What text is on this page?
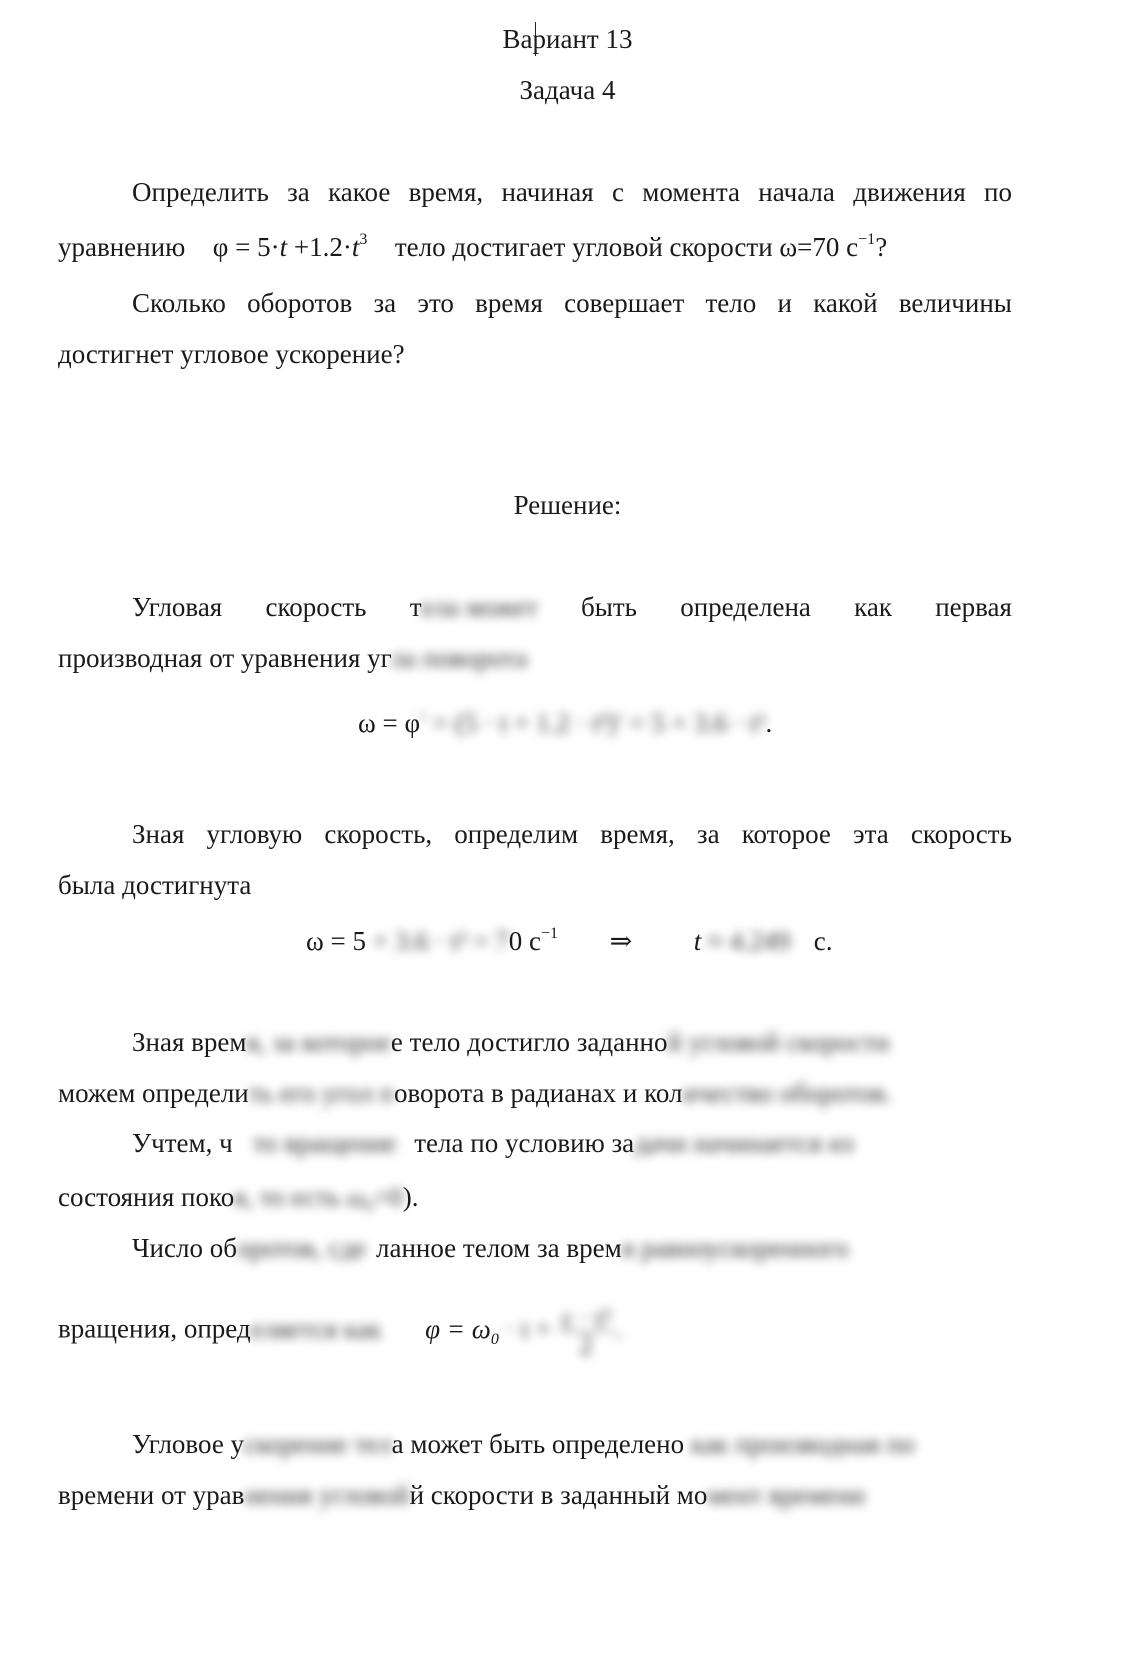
Вариант 13
Задача 4
Определить за какое время, начиная с момента начала движения по
уравнению $\varphi = 5\cdot t +1.2\cdot t^3$ тело достигает угловой скорости ω=70 $с^{-1}$?
Сколько оборотов за это время совершает тело и какой величины
достигнет угловое ускорение?
Решение:
Угловая скорость тела может быть определена как первая
производная от уравнения угла поворота
ω = φ′ = (5 · t + 1.2 · t³)′ = 5 + 3.6 · t².
Зная угловую скорость, определим время, за которое эта скорость
была достигнута
ω = 5 + 3.6 · t² = 70 $с^{-1}$ ⇒ t ≈ 4.249 с.
Зная время, за котороее тело достигло заданной угловой скорости
можем определить его угол поворота в радианах и количество оборотов.
Учтем, ч то вращение тела по условию задачи начинается из
состояния покоя, то есть ω₀=0).
Число оборотов, сде ланное телом за время равноускоренного
вращения, определяется как $\varphi = \omega_0 \cdot t + \frac{\text{ε · t²}}{2}$ .
Угловое ускорение тела может быть определено как производная по
времени от уравнения угловойй скорости в заданный момент времени
